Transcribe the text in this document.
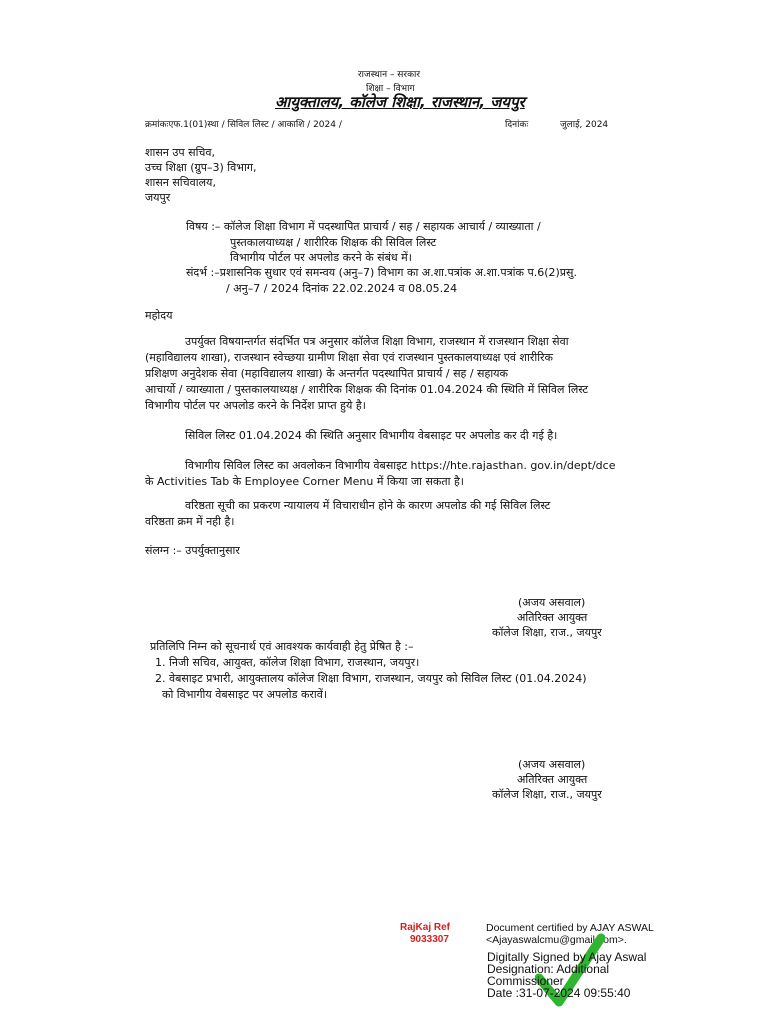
राजस्थान – सरकार
शिक्षा – विभाग
आयुक्तालय, कॉलेज शिक्षा, राजस्थान, जयपुर
क्रमांकःएफ.1(01)स्था / सिविल लिस्ट / आकाशि / 2024 /	दिनांकः	जुलाई, 2024
शासन उप सचिव,
उच्च शिक्षा (ग्रुप–3) विभाग,
शासन सचिवालय,
जयपुर
विषय :– कॉलेज शिक्षा विभाग में पदस्थापित प्राचार्य / सह / सहायक आचार्य / व्याख्याता /
पुस्तकालयाध्यक्ष / शारीरिक शिक्षक की सिविल लिस्ट
विभागीय पोर्टल पर अपलोड करने के संबंध में।
संदर्भ :–प्रशासनिक सुधार एवं समन्वय (अनु–7) विभाग का अ.शा.पत्रांक अ.शा.पत्रांक प.6(2)प्रसु.
/ अनु–7 / 2024 दिनांक 22.02.2024 व 08.05.24
महोदय
उपर्युक्त विषयान्तर्गत संदर्भित पत्र अनुसार कॉलेज शिक्षा विभाग, राजस्थान में राजस्थान शिक्षा सेवा
(महाविद्यालय शाखा), राजस्थान स्वेच्छया ग्रामीण शिक्षा सेवा एवं राजस्थान पुस्तकालयाध्यक्ष एवं शारीरिक
प्रशिक्षण अनुदेशक सेवा (महाविद्यालय शाखा) के अन्तर्गत पदस्थापित प्राचार्य / सह / सहायक
आचार्यो / व्याख्याता / पुस्तकालयाध्यक्ष / शारीरिक शिक्षक की दिनांक 01.04.2024 की स्थिति में सिविल लिस्ट
विभागीय पोर्टल पर अपलोड करने के निर्देश प्राप्त हुये है।
सिविल लिस्ट 01.04.2024 की स्थिति अनुसार विभागीय वेबसाइट पर अपलोड कर दी गई है।
विभागीय सिविल लिस्ट का अवलोकन विभागीय वेबसाइट https://hte.rajasthan. gov.in/dept/dce
के Activities Tab के Employee Corner Menu में किया जा सकता है।
वरिष्ठता सूची का प्रकरण न्यायालय में विचाराधीन होने के कारण अपलोड की गई सिविल लिस्ट
वरिष्ठता क्रम में नही है।
संलग्न :– उपर्युक्तानुसार
(अजय असवाल)
अतिरिक्त आयुक्त
कॉलेज शिक्षा, राज., जयपुर
प्रतिलिपि निम्न को सूचनार्थ एवं आवश्यक कार्यवाही हेतु प्रेषित है :–
1. निजी सचिव, आयुक्त, कॉलेज शिक्षा विभाग, राजस्थान, जयपुर।
2. वेबसाइट प्रभारी, आयुक्तालय कॉलेज शिक्षा विभाग, राजस्थान, जयपुर को सिविल लिस्ट (01.04.2024)
को विभागीय वेबसाइट पर अपलोड करावें।
(अजय असवाल)
अतिरिक्त आयुक्त
कॉलेज शिक्षा, राज., जयपुर
RajKaj Ref
9033307
Document certified by AJAY ASWAL
<Ajayaswalcmu@gmail.com>.
Digitally Signed by Ajay Aswal
Designation: Additional
Commissioner
Date :31-07-2024 09:55:40
